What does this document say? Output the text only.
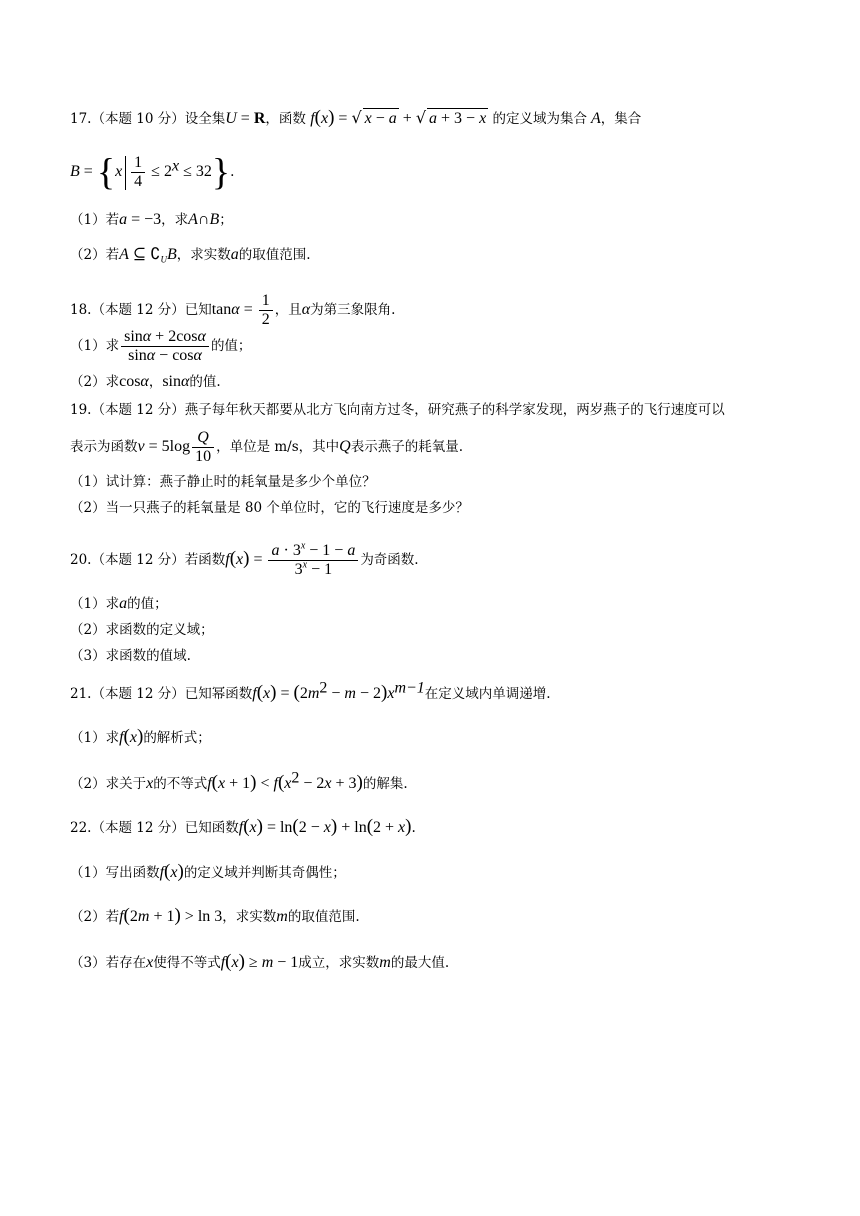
17.（本题 10 分）设全集U = R，函数 f(x) = √ x − a + √ a + 3 − x 的定义域为集合 A，集合
$B = \{x \frac{1}{4} \le 2^x \le 32\}$.
（1）若a = −3，求A∩B；
（2）若A ⊆ $∁_UB$，求实数a的取值范围.
18.（本题 12 分）已知$\tan\alpha = \frac{1}{2}$ ，且α为第三象限角.
（1）求 $\frac{\sin\alpha + 2\cos\alpha}{\sin\alpha - \cos\alpha}$ 的值；
（2）求cosα，sinα的值.
19.（本题 12 分）燕子每年秋天都要从北方飞向南方过冬，研究燕子的科学家发现，两岁燕子的飞行速度可以
表示为函数$v = 5\log \frac{Q}{10}$ ，单位是 m/s，其中Q表示燕子的耗氧量.
（1）试计算：燕子静止时的耗氧量是多少个单位？
（2）当一只燕子的耗氧量是 80 个单位时，它的飞行速度是多少？
20.（本题 12 分）若函数$f(x) = \frac{a \cdot 3^x - 1 - a}{3^x - 1}$ 为奇函数.
（1）求a的值；
（2）求函数的定义域；
（3）求函数的值域.
21.（本题 12 分）已知幂函数$f(x) = (2m^2 - m - 2)x^{m-1}$在定义域内单调递增.
（1）求f(x)的解析式；
（2）求关于x的不等式$f(x + 1) < f(x^2 - 2x + 3)$的解集.
22.（本题 12 分）已知函数f(x) = ln(2 − x) + ln(2 + x).
（1）写出函数f(x)的定义域并判断其奇偶性；
（2）若f(2m + 1) > ln 3，求实数m的取值范围.
（3）若存在x使得不等式f(x) ≥ m − 1成立，求实数m的最大值.
